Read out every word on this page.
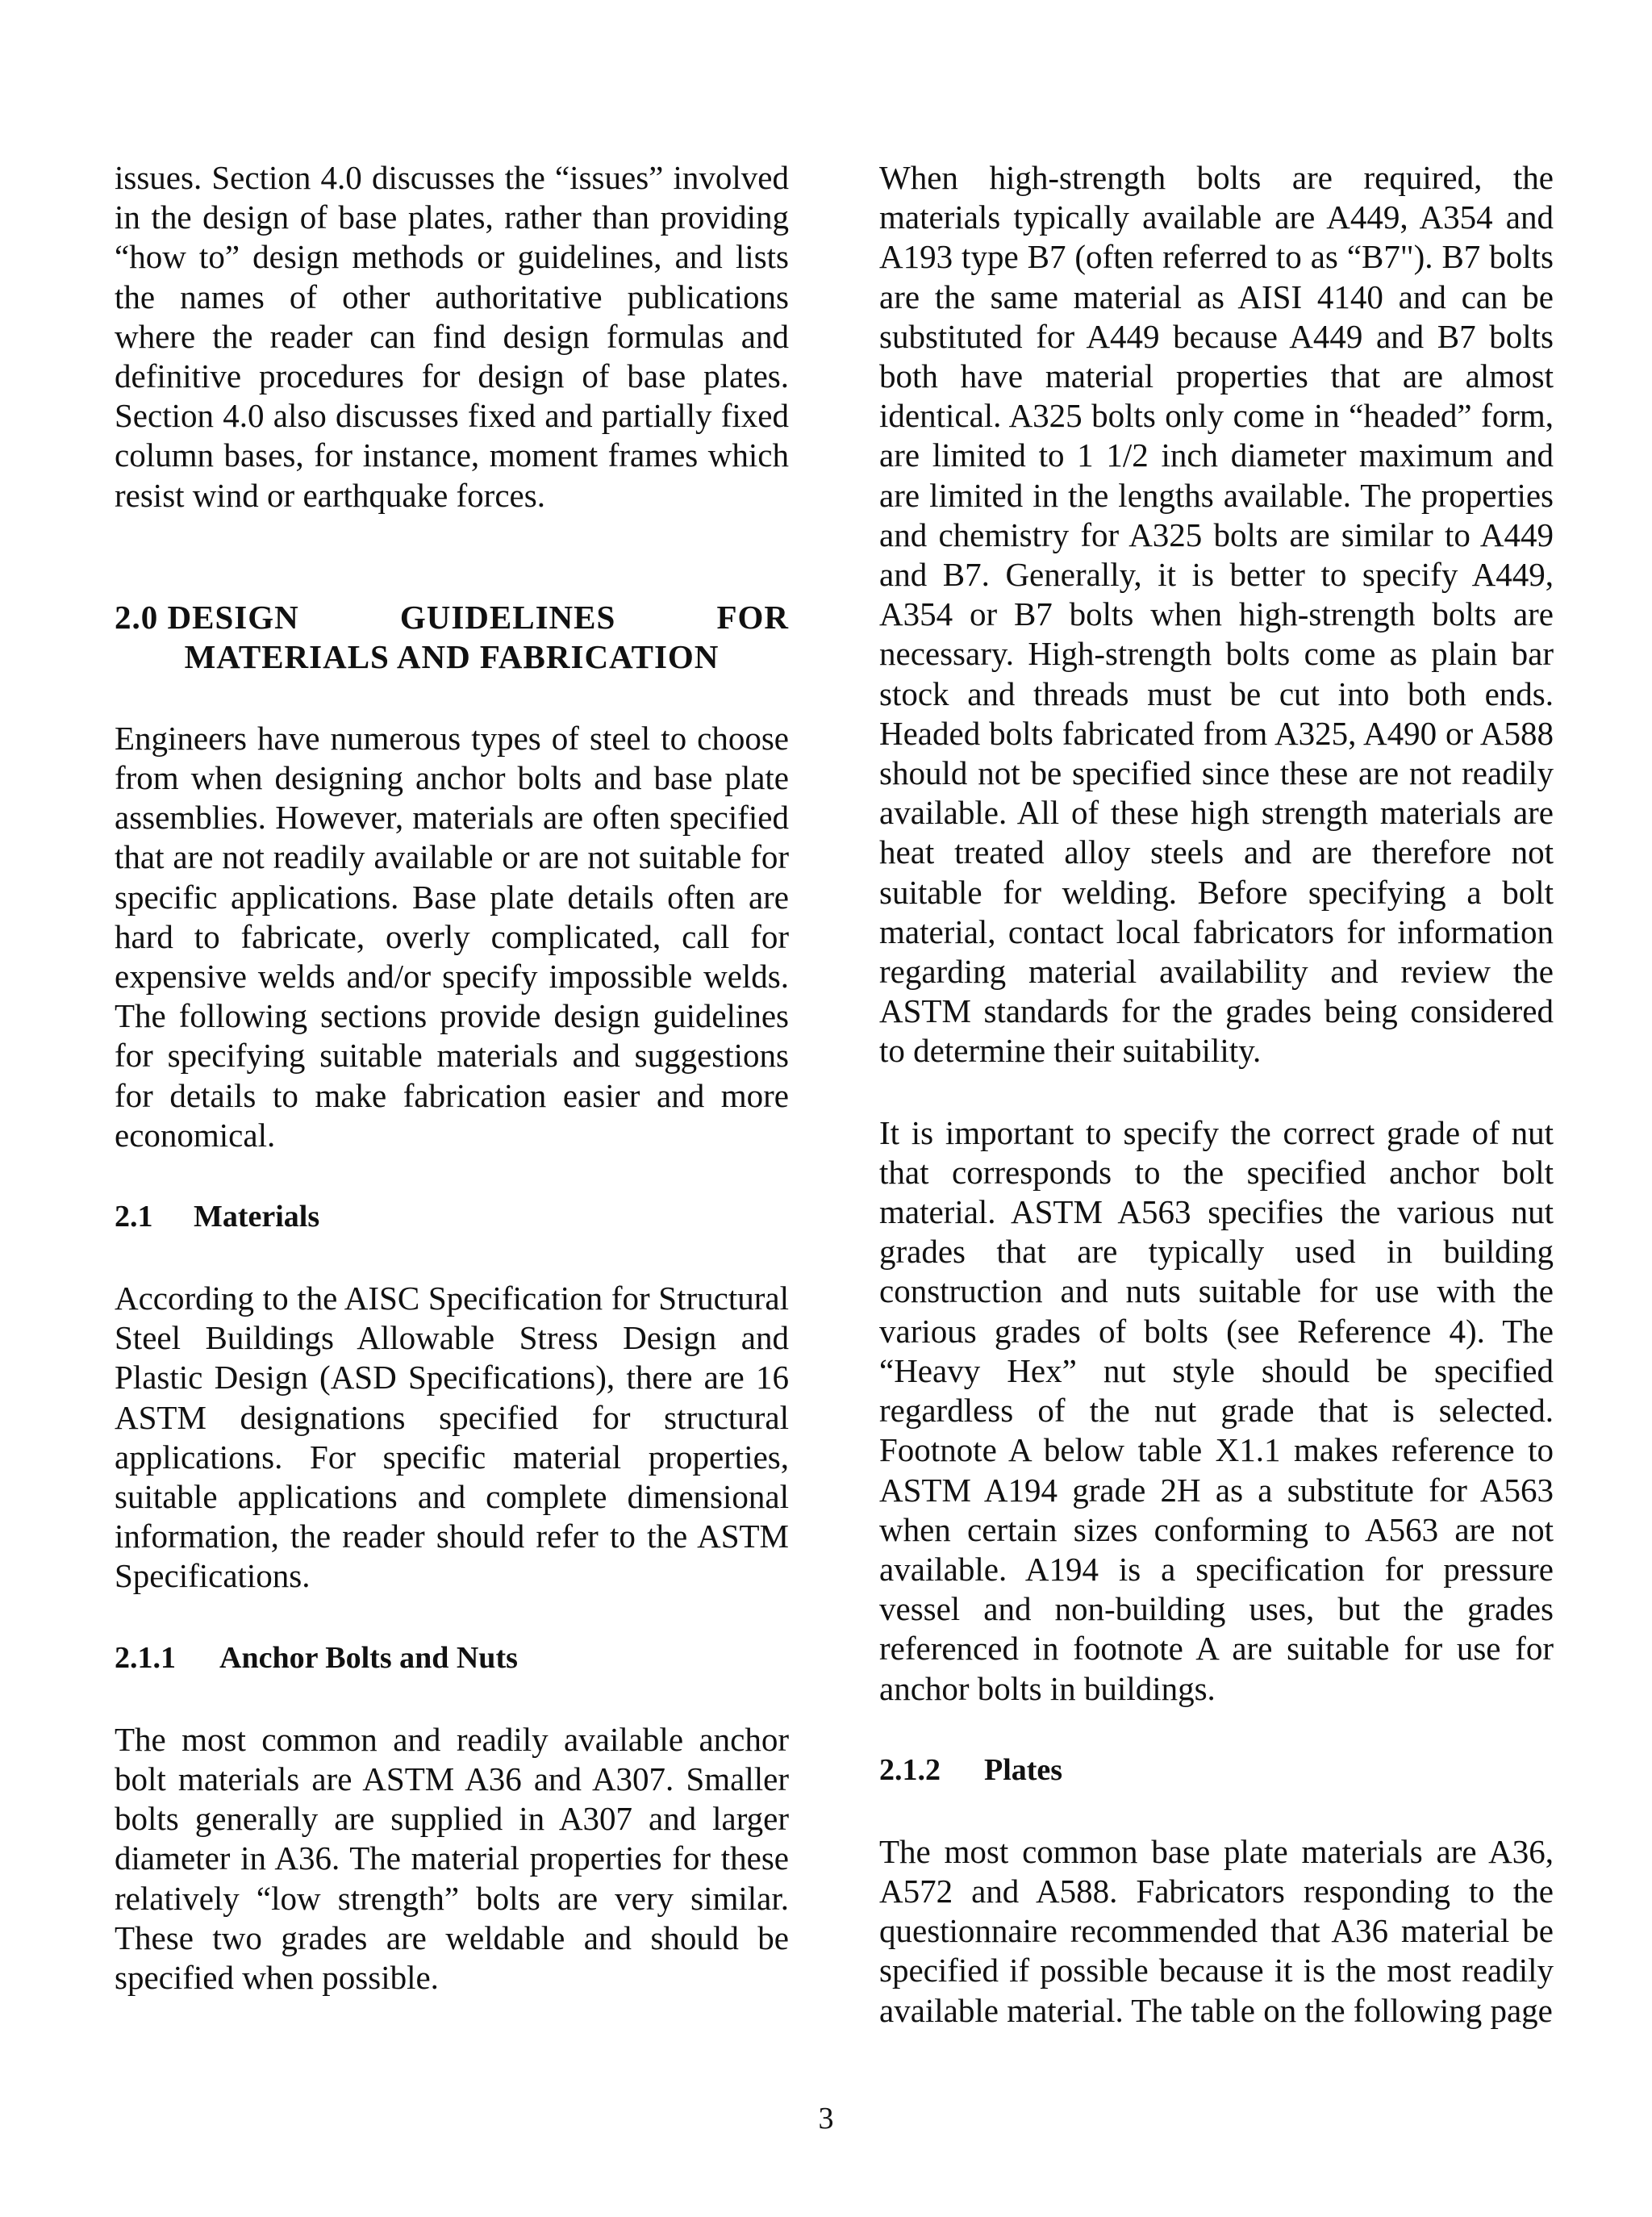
issues. Section 4.0 discusses the “issues” involved in the design of base plates, rather than providing “how to” design methods or guidelines, and lists the names of other authoritative publications where the reader can find design formulas and definitive procedures for design of base plates. Section 4.0 also discusses fixed and partially fixed column bases, for instance, moment frames which resist wind or earthquake forces.

2.0 DESIGN	GUIDELINES	FOR
MATERIALS AND FABRICATION

Engineers have numerous types of steel to choose from when designing anchor bolts and base plate assemblies. However, materials are often specified that are not readily available or are not suitable for specific applications. Base plate details often are hard to fabricate, overly complicated, call for expensive welds and/or specify impossible welds. The following sections provide design guidelines for specifying suitable materials and suggestions for details to make fabrication easier and more economical.

2.1 Materials

According to the AISC Specification for Structural Steel Buildings Allowable Stress Design and Plastic Design (ASD Specifications), there are 16 ASTM designations specified for structural applications. For specific material properties, suitable applications and complete dimensional information, the reader should refer to the ASTM Specifications.

2.1.1 Anchor Bolts and Nuts

The most common and readily available anchor bolt materials are ASTM A36 and A307. Smaller bolts generally are supplied in A307 and larger diameter in A36. The material properties for these relatively “low strength” bolts are very similar. These two grades are weldable and should be specified when possible.

When high-strength bolts are required, the materials typically available are A449, A354 and A193 type B7 (often referred to as “B7"). B7 bolts are the same material as AISI 4140 and can be substituted for A449 because A449 and B7 bolts both have material properties that are almost identical. A325 bolts only come in “headed” form, are limited to 1 1/2 inch diameter maximum and are limited in the lengths available. The properties and chemistry for A325 bolts are similar to A449 and B7. Generally, it is better to specify A449, A354 or B7 bolts when high-strength bolts are necessary. High-strength bolts come as plain bar stock and threads must be cut into both ends. Headed bolts fabricated from A325, A490 or A588 should not be specified since these are not readily available. All of these high strength materials are heat treated alloy steels and are therefore not suitable for welding. Before specifying a bolt material, contact local fabricators for information regarding material availability and review the ASTM standards for the grades being considered to determine their suitability.

It is important to specify the correct grade of nut that corresponds to the specified anchor bolt material. ASTM A563 specifies the various nut grades that are typically used in building construction and nuts suitable for use with the various grades of bolts (see Reference 4). The “Heavy Hex” nut style should be specified regardless of the nut grade that is selected. Footnote A below table X1.1 makes reference to ASTM A194 grade 2H as a substitute for A563 when certain sizes conforming to A563 are not available. A194 is a specification for pressure vessel and non-building uses, but the grades referenced in footnote A are suitable for use for anchor bolts in buildings.

2.1.2 Plates

The most common base plate materials are A36, A572 and A588. Fabricators responding to the questionnaire recommended that A36 material be specified if possible because it is the most readily available material. The table on the following page

3
